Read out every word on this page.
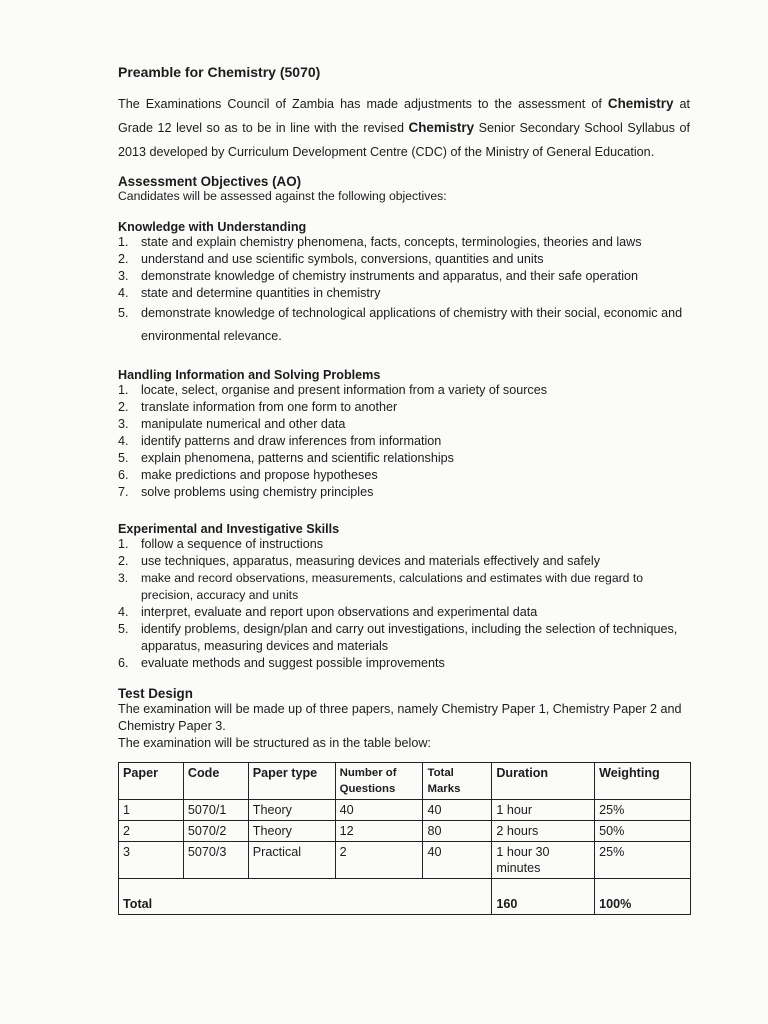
Preamble for Chemistry (5070)

The Examinations Council of Zambia has made adjustments to the assessment of Chemistry at Grade 12 level so as to be in line with the revised Chemistry Senior Secondary School Syllabus of 2013 developed by Curriculum Development Centre (CDC) of the Ministry of General Education.

Assessment Objectives (AO)

Candidates will be assessed against the following objectives:

Knowledge with Understanding
1. state and explain chemistry phenomena, facts, concepts, terminologies, theories and laws
2. understand and use scientific symbols, conversions, quantities and units
3. demonstrate knowledge of chemistry instruments and apparatus, and their safe operation
4. state and determine quantities in chemistry
5. demonstrate knowledge of technological applications of chemistry with their social, economic and environmental relevance.
Handling Information and Solving Problems
1. locate, select, organise and present information from a variety of sources
2. translate information from one form to another
3. manipulate numerical and other data
4. identify patterns and draw inferences from information
5. explain phenomena, patterns and scientific relationships
6. make predictions and propose hypotheses
7. solve problems using chemistry principles
Experimental and Investigative Skills
1. follow a sequence of instructions
2. use techniques, apparatus, measuring devices and materials effectively and safely
3. make and record observations, measurements, calculations and estimates with due regard to precision, accuracy and units
4. interpret, evaluate and report upon observations and experimental data
5. identify problems, design/plan and carry out investigations, including the selection of techniques, apparatus, measuring devices and materials
6. evaluate methods and suggest possible improvements
Test Design

The examination will be made up of three papers, namely Chemistry Paper 1, Chemistry Paper 2 and Chemistry Paper 3.

The examination will be structured as in the table below:

Paper	Code	Paper type	Number of Questions	Total Marks	Duration	Weighting
1	5070/1	Theory	40	40	1 hour	25%
2	5070/2	Theory	12	80	2 hours	50%
3	5070/3	Practical	2	40	1 hour 30 minutes	25%
Total					160	100%
